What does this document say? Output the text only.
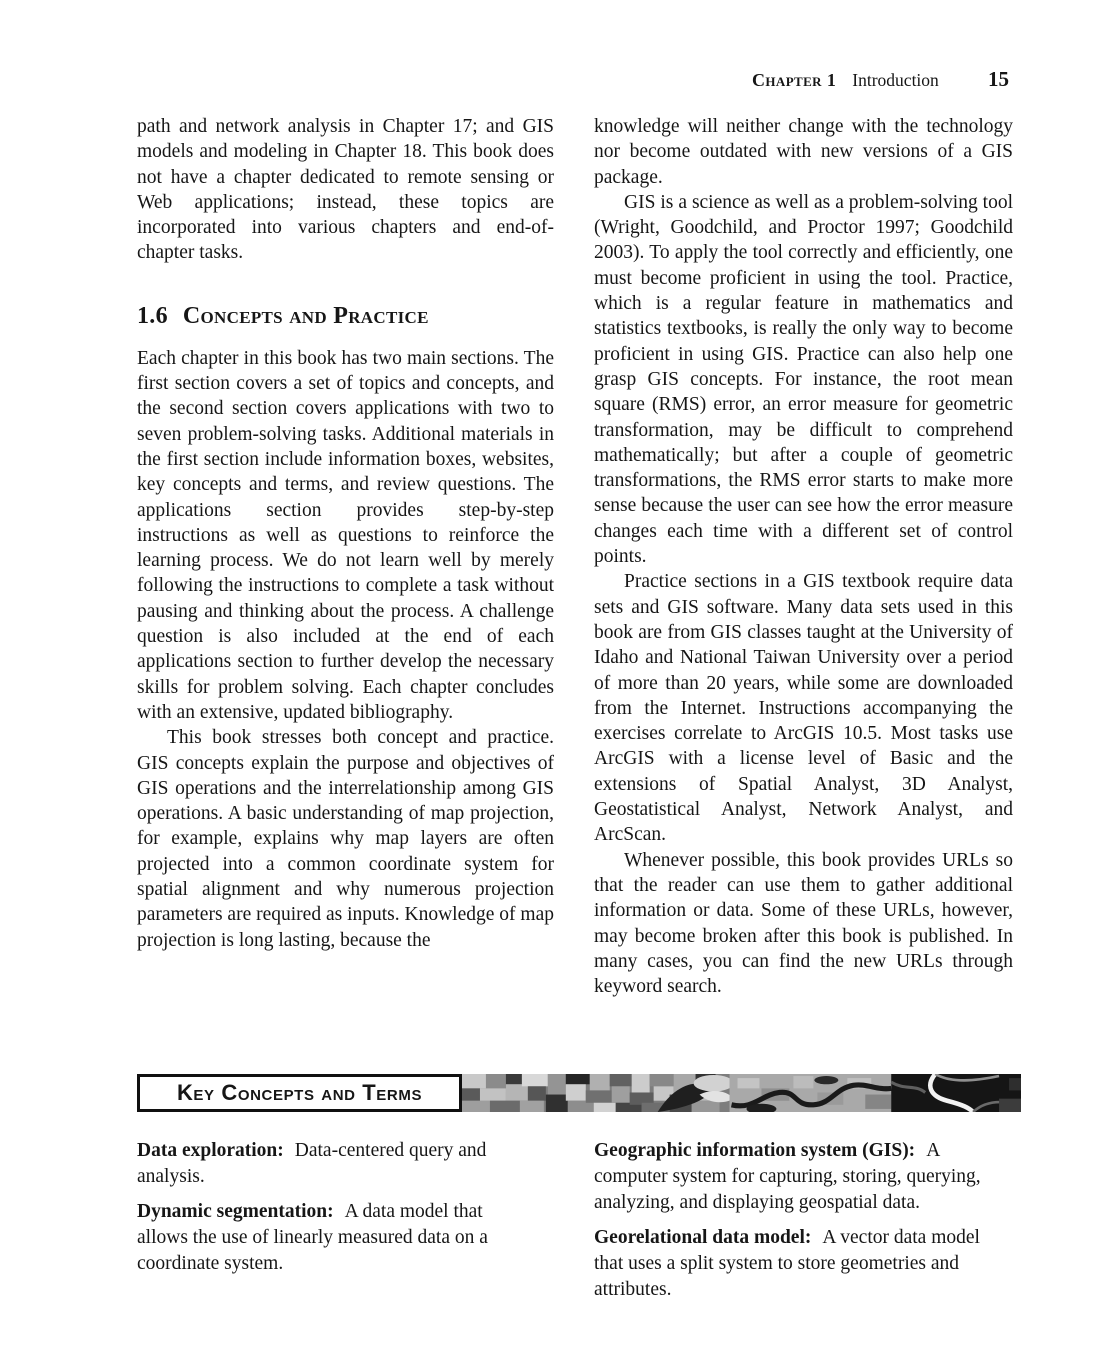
Chapter 1 Introduction 15

path and network analysis in Chapter 17; and GIS models and modeling in Chapter 18. This book does not have a chapter dedicated to remote sensing or Web applications; instead, these topics are incorporated into various chapters and end-of-chapter tasks.

1.6 Concepts and Practice

Each chapter in this book has two main sections. The first section covers a set of topics and concepts, and the second section covers applications with two to seven problem-solving tasks. Additional materials in the first section include information boxes, websites, key concepts and terms, and review questions. The applications section provides step-by-step instructions as well as questions to reinforce the learning process. We do not learn well by merely following the instructions to complete a task without pausing and thinking about the process. A challenge question is also included at the end of each applications section to further develop the necessary skills for problem solving. Each chapter concludes with an extensive, updated bibliography.

This book stresses both concept and practice. GIS concepts explain the purpose and objectives of GIS operations and the interrelationship among GIS operations. A basic understanding of map projection, for example, explains why map layers are often projected into a common coordinate system for spatial alignment and why numerous projection parameters are required as inputs. Knowledge of map projection is long lasting, because the

knowledge will neither change with the technology nor become outdated with new versions of a GIS package.

GIS is a science as well as a problem-solving tool (Wright, Goodchild, and Proctor 1997; Goodchild 2003). To apply the tool correctly and efficiently, one must become proficient in using the tool. Practice, which is a regular feature in mathematics and statistics textbooks, is really the only way to become proficient in using GIS. Practice can also help one grasp GIS concepts. For instance, the root mean square (RMS) error, an error measure for geometric transformation, may be difficult to comprehend mathematically; but after a couple of geometric transformations, the RMS error starts to make more sense because the user can see how the error measure changes each time with a different set of control points.

Practice sections in a GIS textbook require data sets and GIS software. Many data sets used in this book are from GIS classes taught at the University of Idaho and National Taiwan University over a period of more than 20 years, while some are downloaded from the Internet. Instructions accompanying the exercises correlate to ArcGIS 10.5. Most tasks use ArcGIS with a license level of Basic and the extensions of Spatial Analyst, 3D Analyst, Geostatistical Analyst, Network Analyst, and ArcScan.

Whenever possible, this book provides URLs so that the reader can use them to gather additional information or data. Some of these URLs, however, may become broken after this book is published. In many cases, you can find the new URLs through keyword search.

Key Concepts and Terms

Data exploration: Data-centered query and analysis.

Dynamic segmentation: A data model that allows the use of linearly measured data on a coordinate system.

Geographic information system (GIS): A computer system for capturing, storing, querying, analyzing, and displaying geospatial data.

Georelational data model: A vector data model that uses a split system to store geometries and attributes.
